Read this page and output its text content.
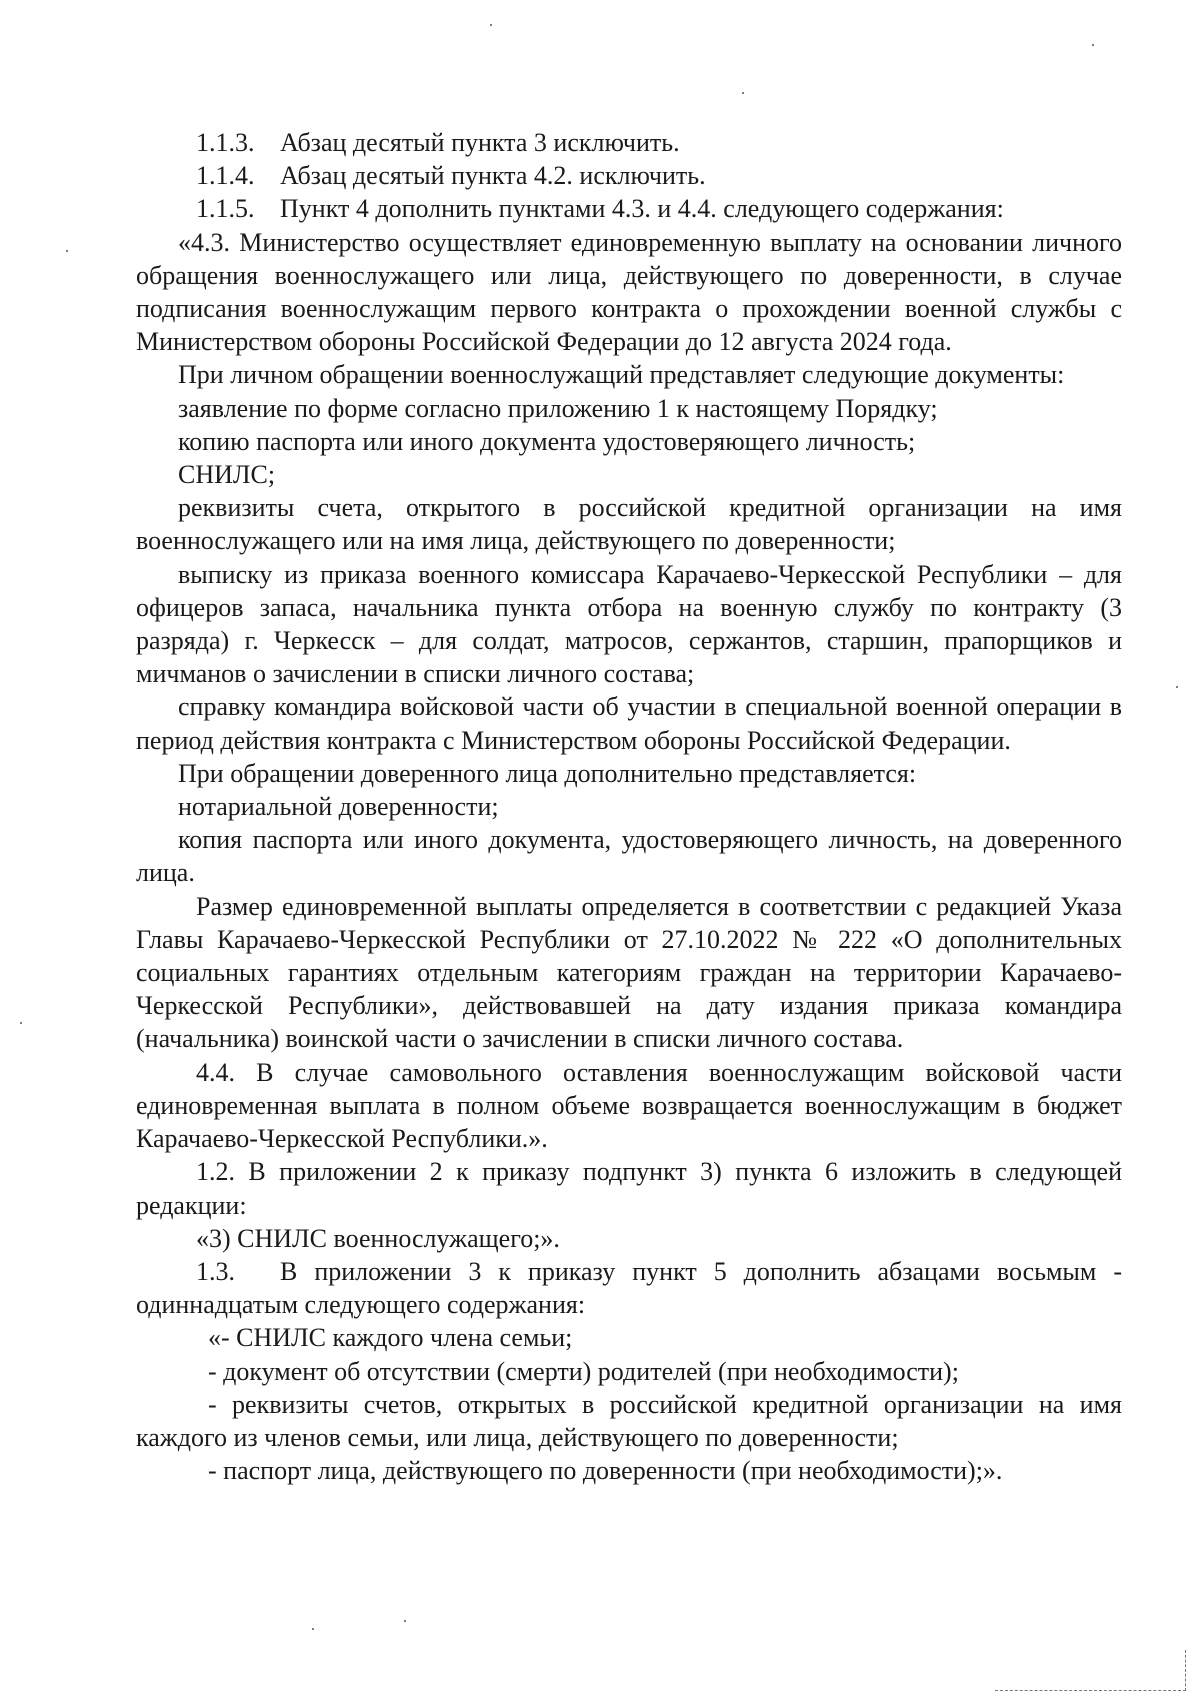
1.1.3. Абзац десятый пункта 3 исключить.

1.1.4. Абзац десятый пункта 4.2. исключить.

1.1.5. Пункт 4 дополнить пунктами 4.3. и 4.4. следующего содержания:

«4.3. Министерство осуществляет единовременную выплату на основании личного обращения военнослужащего или лица, действующего по доверенности, в случае подписания военнослужащим первого контракта о прохождении военной службы с Министерством обороны Российской Федерации до 12 августа 2024 года.

При личном обращении военнослужащий представляет следующие документы:

заявление по форме согласно приложению 1 к настоящему Порядку;

копию паспорта или иного документа удостоверяющего личность;

СНИЛС;

реквизиты счета, открытого в российской кредитной организации на имя военнослужащего или на имя лица, действующего по доверенности;

выписку из приказа военного комиссара Карачаево-Черкесской Республики – для офицеров запаса, начальника пункта отбора на военную службу по контракту (3 разряда) г. Черкесск – для солдат, матросов, сержантов, старшин, прапорщиков и мичманов о зачислении в списки личного состава;

справку командира войсковой части об участии в специальной военной операции в период действия контракта с Министерством обороны Российской Федерации.

При обращении доверенного лица дополнительно представляется:

нотариальной доверенности;

копия паспорта или иного документа, удостоверяющего личность, на доверенного лица.

Размер единовременной выплаты определяется в соответствии с редакцией Указа Главы Карачаево-Черкесской Республики от 27.10.2022 № 222 «О дополнительных социальных гарантиях отдельным категориям граждан на территории Карачаево-Черкесской Республики», действовавшей на дату издания приказа командира (начальника) воинской части о зачислении в списки личного состава.

4.4. В случае самовольного оставления военнослужащим войсковой части единовременная выплата в полном объеме возвращается военнослужащим в бюджет Карачаево-Черкесской Республики.».

1.2. В приложении 2 к приказу подпункт 3) пункта 6 изложить в следующей редакции:

«3) СНИЛС военнослужащего;».

1.3. В приложении 3 к приказу пункт 5 дополнить абзацами восьмым - одиннадцатым следующего содержания:

«- СНИЛС каждого члена семьи;

- документ об отсутствии (смерти) родителей (при необходимости);

- реквизиты счетов, открытых в российской кредитной организации на имя каждого из членов семьи, или лица, действующего по доверенности;

- паспорт лица, действующего по доверенности (при необходимости);».
